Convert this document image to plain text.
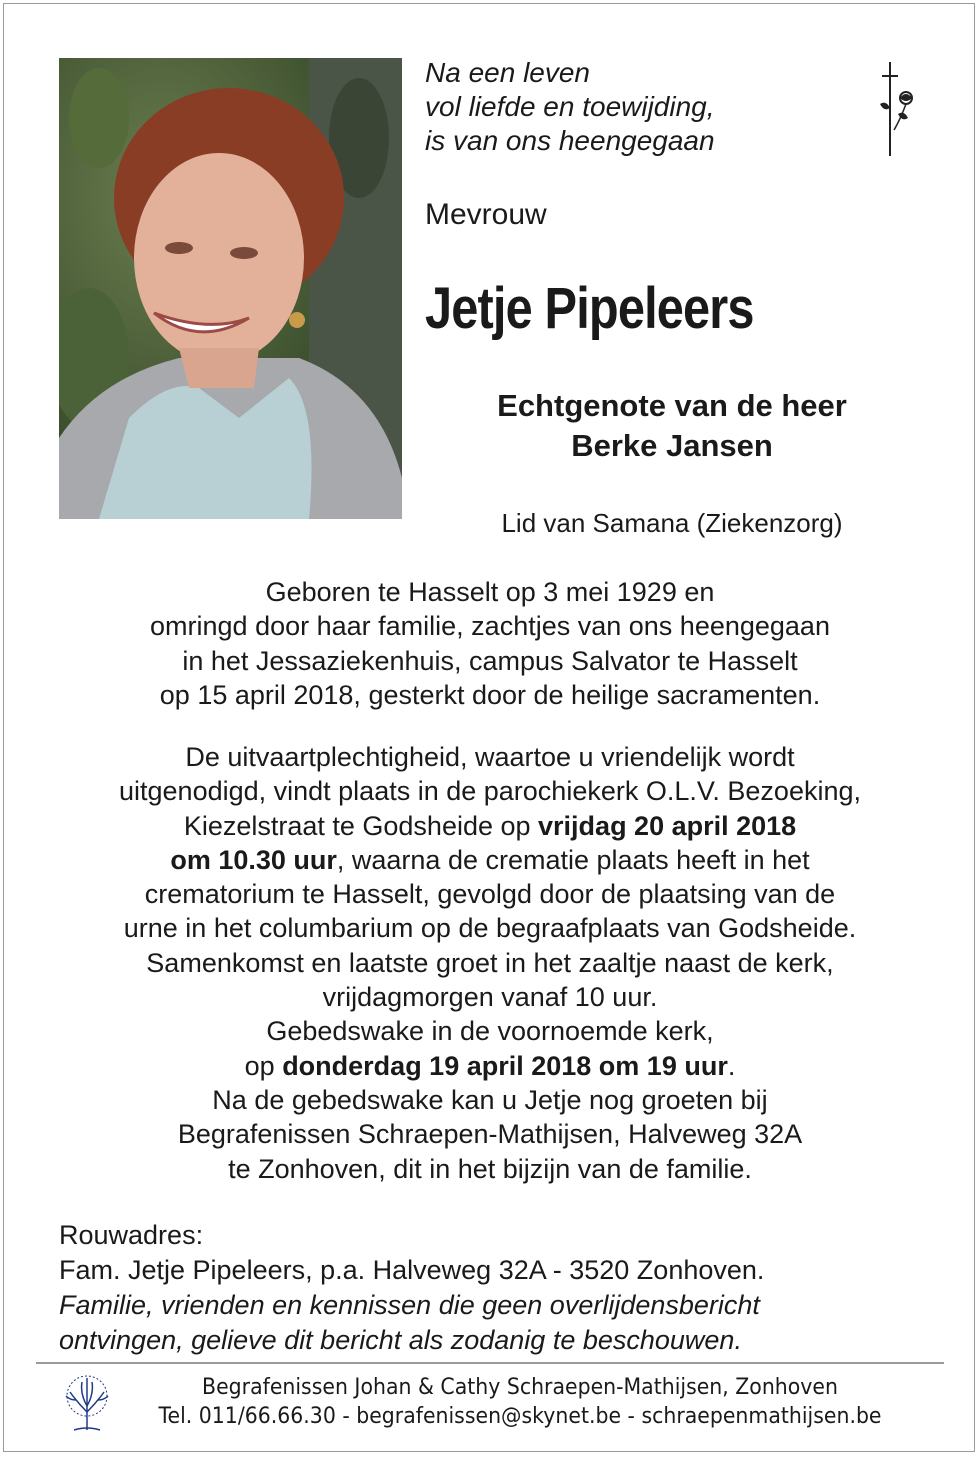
Na een leven
vol liefde en toewijding,
is van ons heengegaan
Mevrouw
Jetje Pipeleers
Echtgenote van de heer
Berke Jansen
Lid van Samana (Ziekenzorg)
Geboren te Hasselt op 3 mei 1929 en
omringd door haar familie, zachtjes van ons heengegaan
in het Jessaziekenhuis, campus Salvator te Hasselt
op 15 april 2018, gesterkt door de heilige sacramenten.
De uitvaartplechtigheid, waartoe u vriendelijk wordt
uitgenodigd, vindt plaats in de parochiekerk O.L.V. Bezoeking,
Kiezelstraat te Godsheide op vrijdag 20 april 2018
om 10.30 uur, waarna de crematie plaats heeft in het
crematorium te Hasselt, gevolgd door de plaatsing van de
urne in het columbarium op de begraafplaats van Godsheide.
Samenkomst en laatste groet in het zaaltje naast de kerk,
vrijdagmorgen vanaf 10 uur.
Gebedswake in de voornoemde kerk,
op donderdag 19 april 2018 om 19 uur.
Na de gebedswake kan u Jetje nog groeten bij
Begrafenissen Schraepen-Mathijsen, Halveweg 32A
te Zonhoven, dit in het bijzijn van de familie.
Rouwadres:
Fam. Jetje Pipeleers, p.a. Halveweg 32A - 3520 Zonhoven.
Familie, vrienden en kennissen die geen overlijdensbericht
ontvingen, gelieve dit bericht als zodanig te beschouwen.
Begrafenissen Johan & Cathy Schraepen-Mathijsen, Zonhoven
Tel. 011/66.66.30 - begrafenissen@skynet.be - schraepenmathijsen.be
